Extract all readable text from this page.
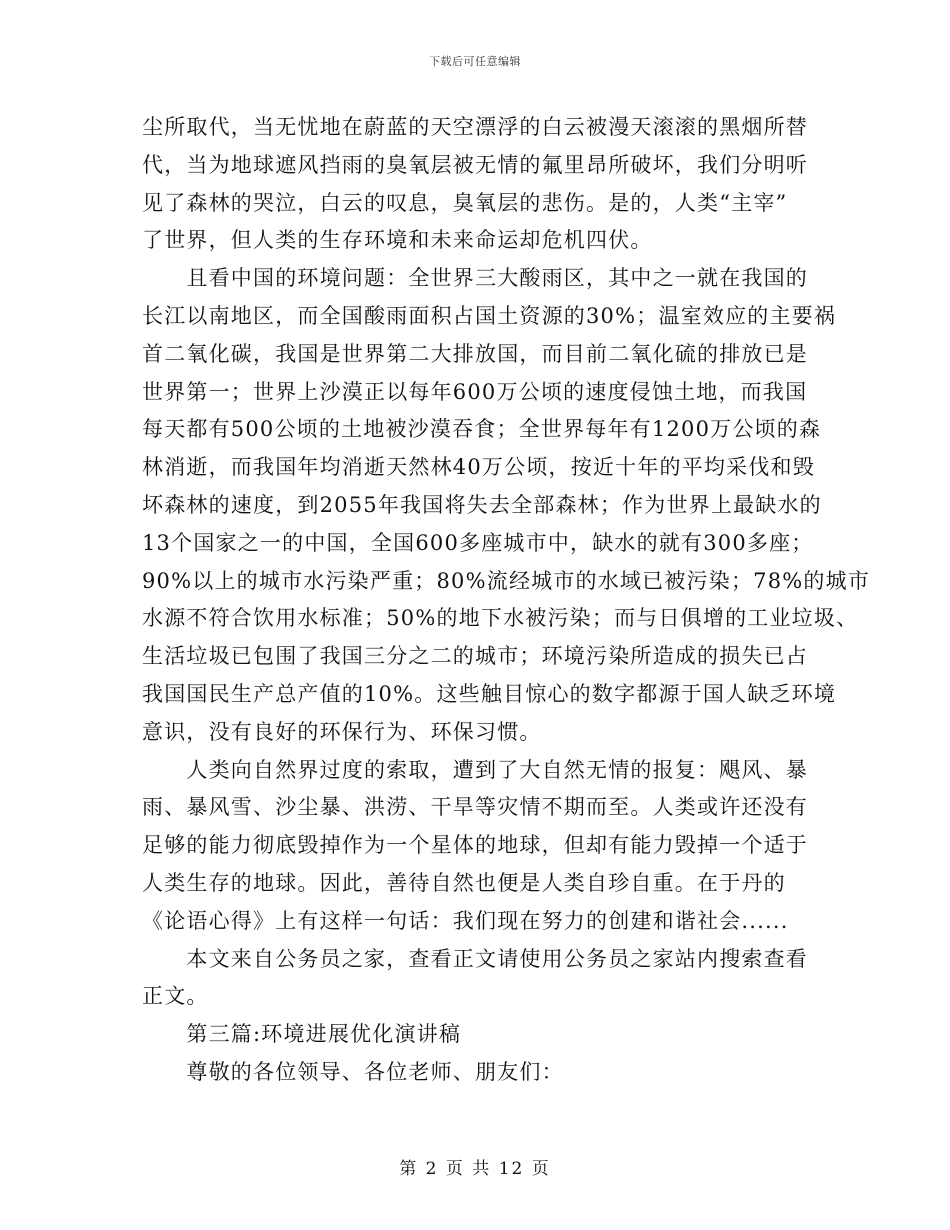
下载后可任意编辑
尘所取代，当无忧地在蔚蓝的天空漂浮的白云被漫天滚滚的黑烟所替
代，当为地球遮风挡雨的臭氧层被无情的氟里昂所破坏，我们分明听
见了森林的哭泣，白云的叹息，臭氧层的悲伤。是的，人类“主宰”
了世界，但人类的生存环境和未来命运却危机四伏。
　　且看中国的环境问题：全世界三大酸雨区，其中之一就在我国的
长江以南地区，而全国酸雨面积占国土资源的30%；温室效应的主要祸
首二氧化碳，我国是世界第二大排放国，而目前二氧化硫的排放已是
世界第一；世界上沙漠正以每年600万公顷的速度侵蚀土地，而我国
每天都有500公顷的土地被沙漠吞食；全世界每年有1200万公顷的森
林消逝，而我国年均消逝天然林40万公顷，按近十年的平均采伐和毁
坏森林的速度，到2055年我国将失去全部森林；作为世界上最缺水的
13个国家之一的中国，全国600多座城市中，缺水的就有300多座；
90%以上的城市水污染严重；80%流经城市的水域已被污染；78%的城市
水源不符合饮用水标准；50%的地下水被污染；而与日俱增的工业垃圾、
生活垃圾已包围了我国三分之二的城市；环境污染所造成的损失已占
我国国民生产总产值的10%。这些触目惊心的数字都源于国人缺乏环境
意识，没有良好的环保行为、环保习惯。
　　人类向自然界过度的索取，遭到了大自然无情的报复：飓风、暴
雨、暴风雪、沙尘暴、洪涝、干旱等灾情不期而至。人类或许还没有
足够的能力彻底毁掉作为一个星体的地球，但却有能力毁掉一个适于
人类生存的地球。因此，善待自然也便是人类自珍自重。在于丹的
《论语心得》上有这样一句话：我们现在努力的创建和谐社会......
　　本文来自公务员之家，查看正文请使用公务员之家站内搜索查看
正文。
　　第三篇:环境进展优化演讲稿
　　尊敬的各位领导、各位老师、朋友们：
第 2 页 共 12 页
